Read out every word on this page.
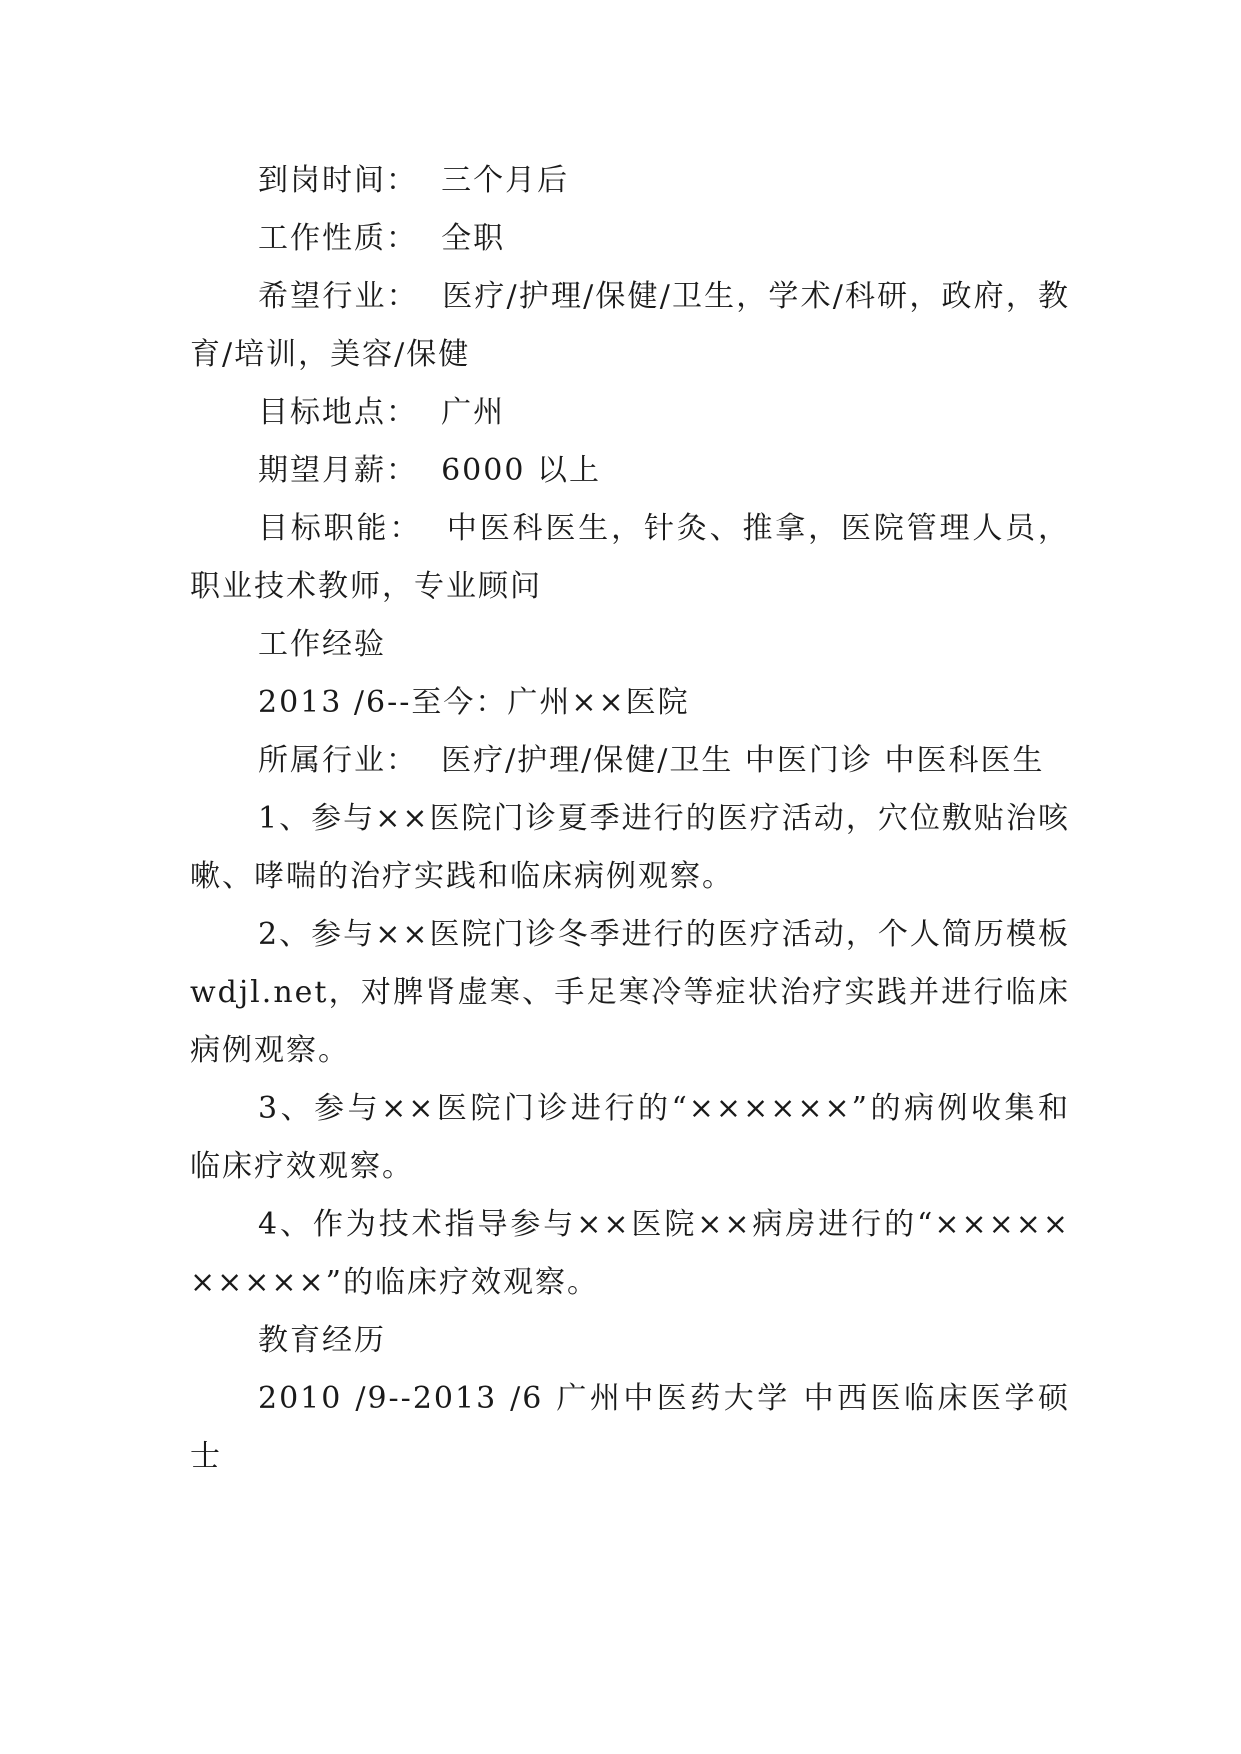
到岗时间：  三个月后

工作性质：  全职

希望行业：  医疗/护理/保健/卫生，学术/科研，政府，教育/培训，美容/保健

目标地点：  广州

期望月薪：  6000 以上

目标职能：  中医科医生，针灸、推拿，医院管理人员，职业技术教师，专业顾问

工作经验

2013 /6--至今：广州××医院

所属行业：  医疗/护理/保健/卫生 中医门诊 中医科医生

1、参与××医院门诊夏季进行的医疗活动，穴位敷贴治咳嗽、哮喘的治疗实践和临床病例观察。

2、参与××医院门诊冬季进行的医疗活动，个人简历模板 wdjl.net，对脾肾虚寒、手足寒冷等症状治疗实践并进行临床病例观察。

3、参与××医院门诊进行的“××××××”的病例收集和临床疗效观察。

4、作为技术指导参与××医院××病房进行的“××××××××××”的临床疗效观察。

教育经历

2010 /9--2013 /6 广州中医药大学 中西医临床医学硕士
